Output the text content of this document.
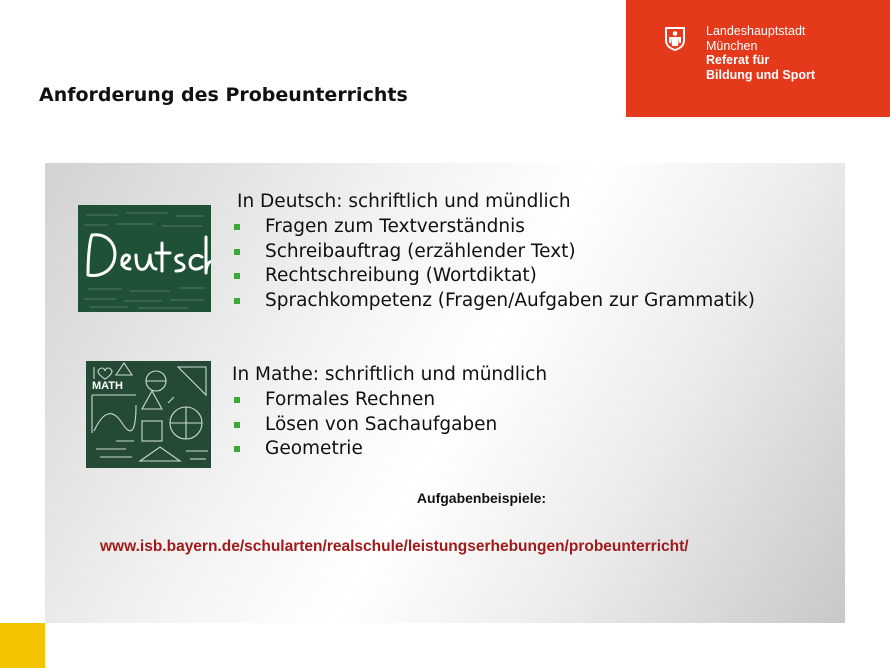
Landeshauptstadt
München
Referat für
Bildung und Sport
Anforderung des Probeunterrichts
In Deutsch: schriftlich und mündlich
Fragen zum Textverständnis
Schreibauftrag (erzählender Text)
Rechtschreibung (Wortdiktat)
Sprachkompetenz (Fragen/Aufgaben zur Grammatik)
MATH
In Mathe: schriftlich und mündlich
Formales Rechnen
Lösen von Sachaufgaben
Geometrie
Aufgabenbeispiele:
www.isb.bayern.de/schularten/realschule/leistungserhebungen/probeunterricht/
